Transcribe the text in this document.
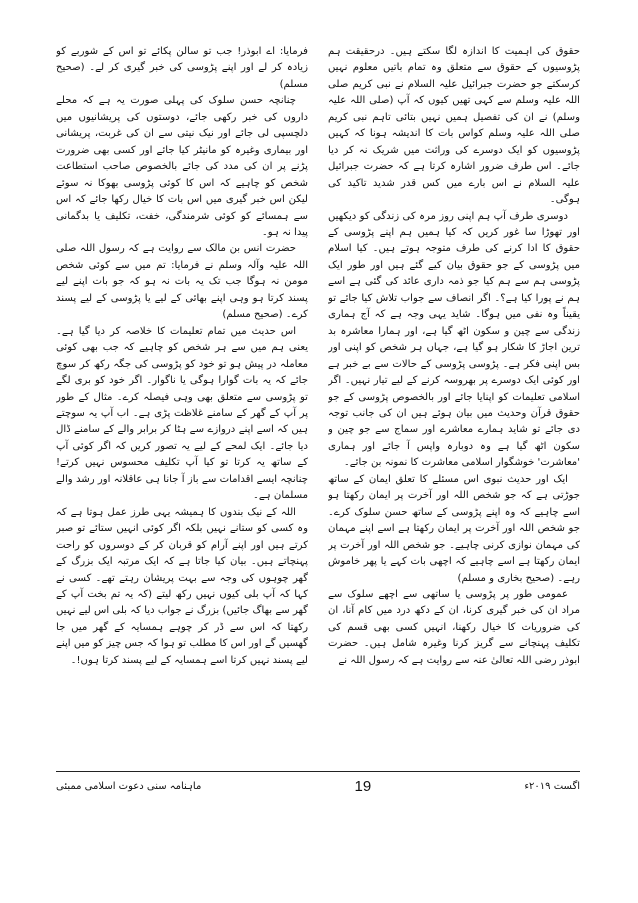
حقوق کی اہمیت کا اندازہ لگا سکتے ہیں۔ درحقیقت ہم پڑوسیوں کے حقوق سے متعلق وہ تمام باتیں معلوم نہیں کرسکتے جو حضرت جبرائیل علیہ السلام نے نبی کریم صلی اللہ علیہ وسلم سے کہی تھیں کیوں کہ آپ (صلی اللہ علیہ وسلم) نے ان کی تفصیل ہمیں نہیں بتائی تاہم نبی کریم صلی اللہ علیہ وسلم کواس بات کا اندیشہ ہونا کہ کہیں پڑوسیوں کو ایک دوسرے کی وراثت میں شریک نہ کر دیا جائے۔ اس طرف ضرور اشارہ کرتا ہے کہ حضرت جبرائیل علیہ السلام نے اس بارے میں کس قدر شدید تاکید کی ہوگی۔

دوسری طرف آپ ہم اپنی روز مرہ کی زندگی کو دیکھیں اور تھوڑا سا غور کریں کہ کیا ہمیں ہم اپنے پڑوسی کے حقوق کا ادا کرنے کی طرف متوجہ ہوتے ہیں۔ کیا اسلام میں پڑوسی کے جو حقوق بیان کیے گئے ہیں اور طور ایک پڑوسی ہم سے ہم کیا جو ذمہ داری عائد کی گئی ہے اسے ہم نے پورا کیا ہے؟۔ اگر انصاف سے جواب تلاش کیا جائے تو یقیناً وہ نفی میں ہوگا۔ شاید یہی وجہ ہے کہ آج ہماری زندگی سے چین و سکون اٹھ گیا ہے، اور ہمارا معاشرہ بد ترین اجاڑ کا شکار ہو گیا ہے، جہاں ہر شخص کو اپنی اور بس اپنی فکر ہے۔ پڑوسی پڑوسی کے حالات سے بے خبر ہے اور کوئی ایک دوسرے پر بھروسہ کرنے کے لیے تیار نہیں۔ اگر اسلامی تعلیمات کو اپنایا جائے اور بالخصوص پڑوسی کے جو حقوق قرآن وحدیث میں بیان ہوئے ہیں ان کی جانب توجہ دی جائے تو شاید ہمارے معاشرے اور سماج سے جو چین و سکون اٹھ گیا ہے وہ دوبارہ واپس آ جائے اور ہماری 'معاشرت' خوشگوار اسلامی معاشرت کا نمونہ بن جائے۔

ایک اور حدیث نبوی اس مسئلے کا تعلق ایمان کے ساتھ جوڑتی ہے کہ جو شخص اللہ اور آخرت پر ایمان رکھتا ہو اسے چاہیے کہ وہ اپنے پڑوسی کے ساتھ حسن سلوک کرے۔ جو شخص اللہ اور آخرت پر ایمان رکھتا ہے اسے اپنے مہمان کی مہمان نوازی کرنی چاہیے۔ جو شخص اللہ اور آخرت پر ایمان رکھتا ہے اسے چاہیے کہ اچھی بات کہے یا پھر خاموش رہے۔ (صحیح بخاری و مسلم)

عمومی طور پر پڑوسی یا ساتھی سے اچھے سلوک سے مراد ان کی خبر گیری کرنا، ان کے دکھ درد میں کام آنا، ان کی ضروریات کا خیال رکھنا، انہیں کسی بھی قسم کی تکلیف پہنچانے سے گریز کرنا وغیرہ شامل ہیں۔ حضرت ابوذر رضی اللہ تعالیٰ عنہ سے روایت ہے کہ رسول اللہ نے

فرمایا: اے ابوذر! جب تو سالن پکائے تو اس کے شوربے کو زیادہ کر لے اور اپنے پڑوسی کی خبر گیری کر لے۔ (صحیح مسلم)

چنانچہ حسن سلوک کی پہلی صورت یہ ہے کہ محلے داروں کی خبر رکھی جائے، دوستوں کی پریشانیوں میں دلچسپی لی جائے اور نیک نیتی سے ان کی غربت، پریشانی اور بیماری وغیرہ کو مانیٹر کیا جائے اور کسی بھی ضرورت پڑنے پر ان کی مدد کی جائے بالخصوص صاحب استطاعت شخص کو چاہیے کہ اس کا کوئی پڑوسی بھوکا نہ سوئے لیکن اس خبر گیری میں اس بات کا خیال رکھا جائے کہ اس سے ہمسائے کو کوئی شرمندگی، خفت، تکلیف یا بدگمانی پیدا نہ ہو۔

حضرت انس بن مالک سے روایت ہے کہ رسول اللہ صلی اللہ علیہ وآلہ وسلم نے فرمایا: تم میں سے کوئی شخص مومن نہ ہوگا جب تک یہ بات نہ ہو کہ جو بات اپنے لیے پسند کرتا ہو وہی اپنے بھائی کے لیے یا پڑوسی کے لیے پسند کرے۔ (صحیح مسلم)

اس حدیث میں تمام تعلیمات کا خلاصہ کر دیا گیا ہے۔ یعنی ہم میں سے ہر شخص کو چاہیے کہ جب بھی کوئی معاملہ در پیش ہو تو خود کو پڑوسی کی جگہ رکھ کر سوچ جائے کہ یہ بات گوارا ہوگی یا ناگوار۔ اگر خود کو بری لگے تو پڑوسی سے متعلق بھی وہی فیصلہ کرے۔ مثال کے طور پر آپ کے گھر کے سامنے غلاظت پڑی ہے۔ اب آپ یہ سوچتے ہیں کہ اسے اپنے دروازے سے ہٹا کر برابر والے کے سامنے ڈال دیا جائے۔ ایک لمحے کے لیے یہ تصور کریں کہ اگر کوئی آپ کے ساتھ یہ کرتا تو کیا آپ تکلیف محسوس نہیں کرتے! چنانچہ ایسے اقدامات سے باز آ جانا ہی عاقلانہ اور رشد والے مسلمان ہے۔

اللہ کے نیک بندوں کا ہمیشہ یہی طرز عمل ہوتا ہے کہ وہ کسی کو ستانے نہیں بلکہ اگر کوئی انہیں ستائے تو صبر کرتے ہیں اور اپنے آرام کو قربان کر کے دوسروں کو راحت پہنچاتے ہیں۔ بیان کیا جاتا ہے کہ ایک مرتبہ ایک بزرگ کے گھر چوہوں کی وجہ سے بہت پریشان رہتے تھے۔ کسی نے کہا کہ آپ بلی کیوں نہیں رکھ لیتے (کہ یہ تم بخت آپ کے گھر سے بھاگ جائیں) بزرگ نے جواب دیا کہ بلی اس لیے نہیں رکھتا کہ اس سے ڈر کر چوہے ہمسایہ کے گھر میں جا گھسیں گے اور اس کا مطلب تو ہوا کہ جس چیز کو میں اپنے لیے پسند نہیں کرتا اسے ہمسایہ کے لیے پسند کرتا ہوں!۔

ماہنامہ سنی دعوت اسلامی ممبئی	19	اگست ۲۰۱۹ء
